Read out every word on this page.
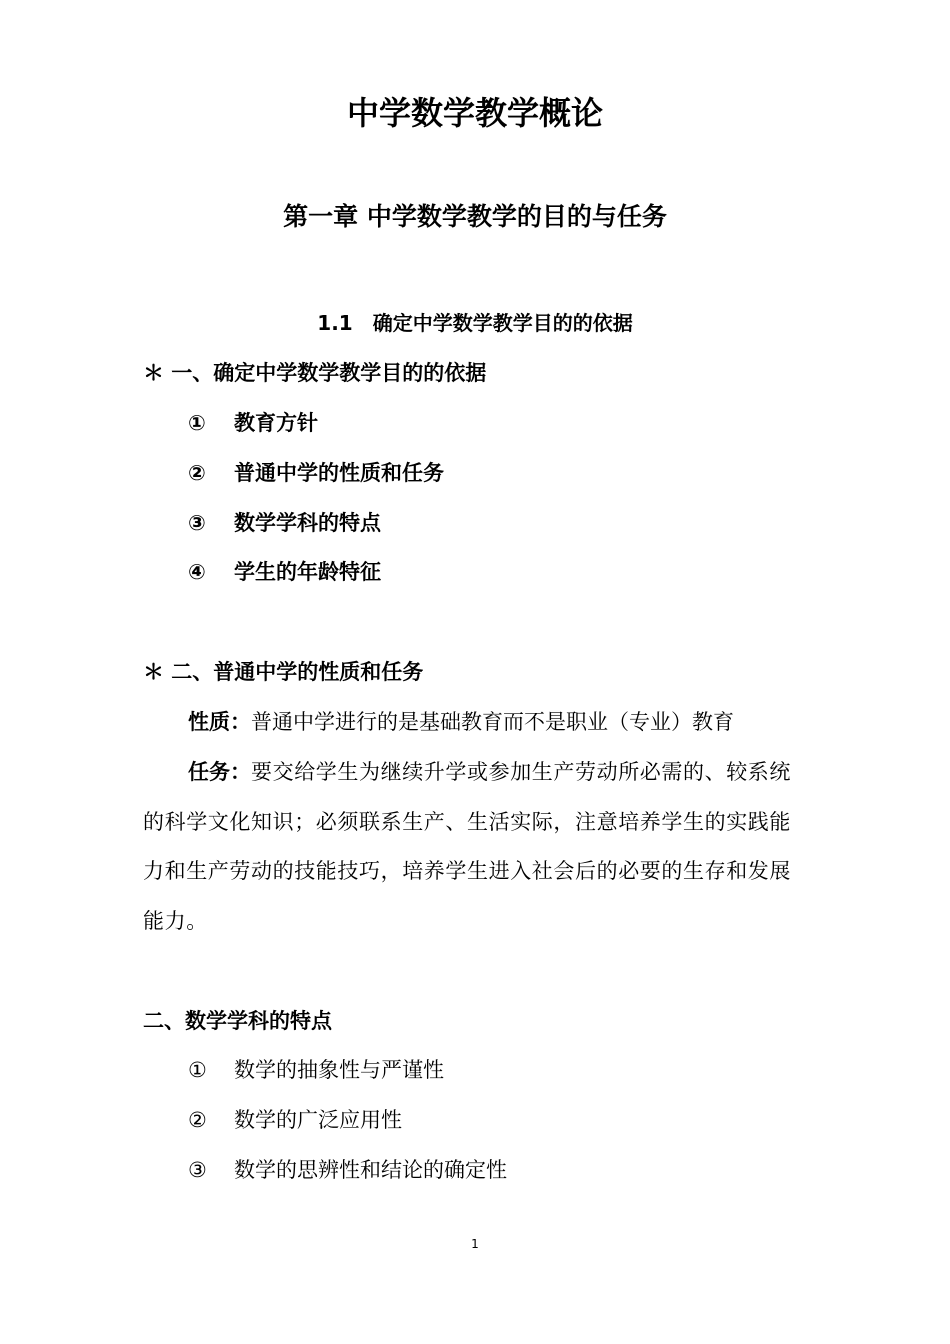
中学数学教学概论
第一章 中学数学教学的目的与任务
1.1 确定中学数学教学目的的依据
＊ 一、确定中学数学教学目的的依据
① 教育方针
② 普通中学的性质和任务
③ 数学学科的特点
④ 学生的年龄特征
＊ 二、普通中学的性质和任务
性质：普通中学进行的是基础教育而不是职业（专业）教育
任务：要交给学生为继续升学或参加生产劳动所必需的、较系统
的科学文化知识；必须联系生产、生活实际，注意培养学生的实践能
力和生产劳动的技能技巧，培养学生进入社会后的必要的生存和发展
能力。
二、数学学科的特点
① 数学的抽象性与严谨性
② 数学的广泛应用性
③ 数学的思辨性和结论的确定性
1
